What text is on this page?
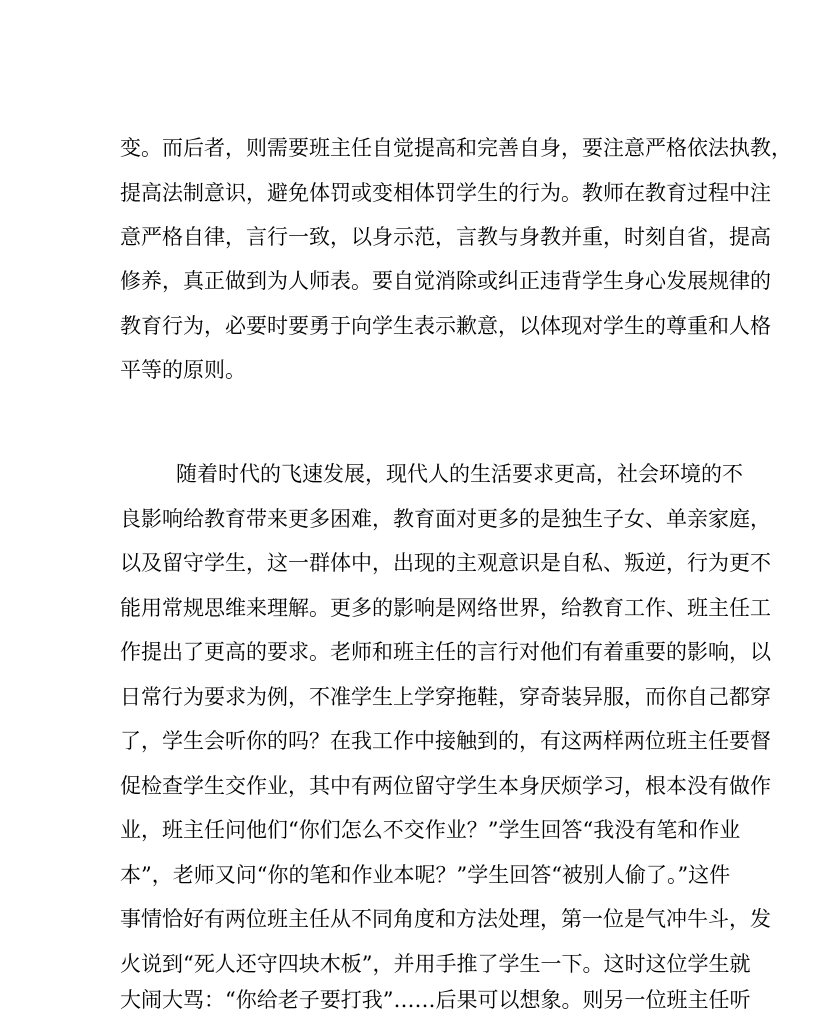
变。而后者，则需要班主任自觉提高和完善自身，要注意严格依法执教，
提高法制意识，避免体罚或变相体罚学生的行为。教师在教育过程中注
意严格自律，言行一致，以身示范，言教与身教并重，时刻自省，提高
修养，真正做到为人师表。要自觉消除或纠正违背学生身心发展规律的
教育行为，必要时要勇于向学生表示歉意，以体现对学生的尊重和人格
平等的原则。
随着时代的飞速发展，现代人的生活要求更高，社会环境的不
良影响给教育带来更多困难，教育面对更多的是独生子女、单亲家庭，
以及留守学生，这一群体中，出现的主观意识是自私、叛逆，行为更不
能用常规思维来理解。更多的影响是网络世界，给教育工作、班主任工
作提出了更高的要求。老师和班主任的言行对他们有着重要的影响，以
日常行为要求为例，不准学生上学穿拖鞋，穿奇装异服，而你自己都穿
了，学生会听你的吗？在我工作中接触到的，有这两样两位班主任要督
促检查学生交作业，其中有两位留守学生本身厌烦学习，根本没有做作
业，班主任问他们“你们怎么不交作业？”学生回答“我没有笔和作业
本”，老师又问“你的笔和作业本呢？”学生回答“被别人偷了。”这件
事情恰好有两位班主任从不同角度和方法处理，第一位是气冲牛斗，发
火说到“死人还守四块木板”，并用手推了学生一下。这时这位学生就
大闹大骂：“你给老子要打我”……后果可以想象。则另一位班主任听
